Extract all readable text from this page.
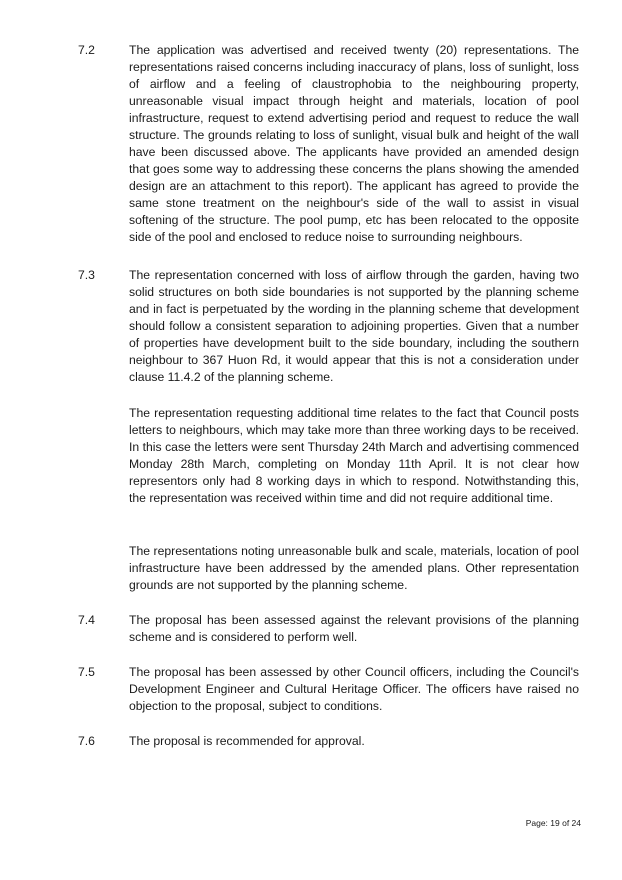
7.2	The application was advertised and received twenty (20) representations. The representations raised concerns including inaccuracy of plans, loss of sunlight, loss of airflow and a feeling of claustrophobia to the neighbouring property, unreasonable visual impact through height and materials, location of pool infrastructure, request to extend advertising period and request to reduce the wall structure. The grounds relating to loss of sunlight, visual bulk and height of the wall have been discussed above. The applicants have provided an amended design that goes some way to addressing these concerns the plans showing the amended design are an attachment to this report). The applicant has agreed to provide the same stone treatment on the neighbour's side of the wall to assist in visual softening of the structure. The pool pump, etc has been relocated to the opposite side of the pool and enclosed to reduce noise to surrounding neighbours.

7.3	The representation concerned with loss of airflow through the garden, having two solid structures on both side boundaries is not supported by the planning scheme and in fact is perpetuated by the wording in the planning scheme that development should follow a consistent separation to adjoining properties. Given that a number of properties have development built to the side boundary, including the southern neighbour to 367 Huon Rd, it would appear that this is not a consideration under clause 11.4.2 of the planning scheme.

The representation requesting additional time relates to the fact that Council posts letters to neighbours, which may take more than three working days to be received. In this case the letters were sent Thursday 24th March and advertising commenced Monday 28th March, completing on Monday 11th April. It is not clear how representors only had 8 working days in which to respond. Notwithstanding this, the representation was received within time and did not require additional time.

The representations noting unreasonable bulk and scale, materials, location of pool infrastructure have been addressed by the amended plans. Other representation grounds are not supported by the planning scheme.

7.4	The proposal has been assessed against the relevant provisions of the planning scheme and is considered to perform well.

7.5	The proposal has been assessed by other Council officers, including the Council's Development Engineer and Cultural Heritage Officer. The officers have raised no objection to the proposal, subject to conditions.

7.6	The proposal is recommended for approval.

Page: 19 of 24
